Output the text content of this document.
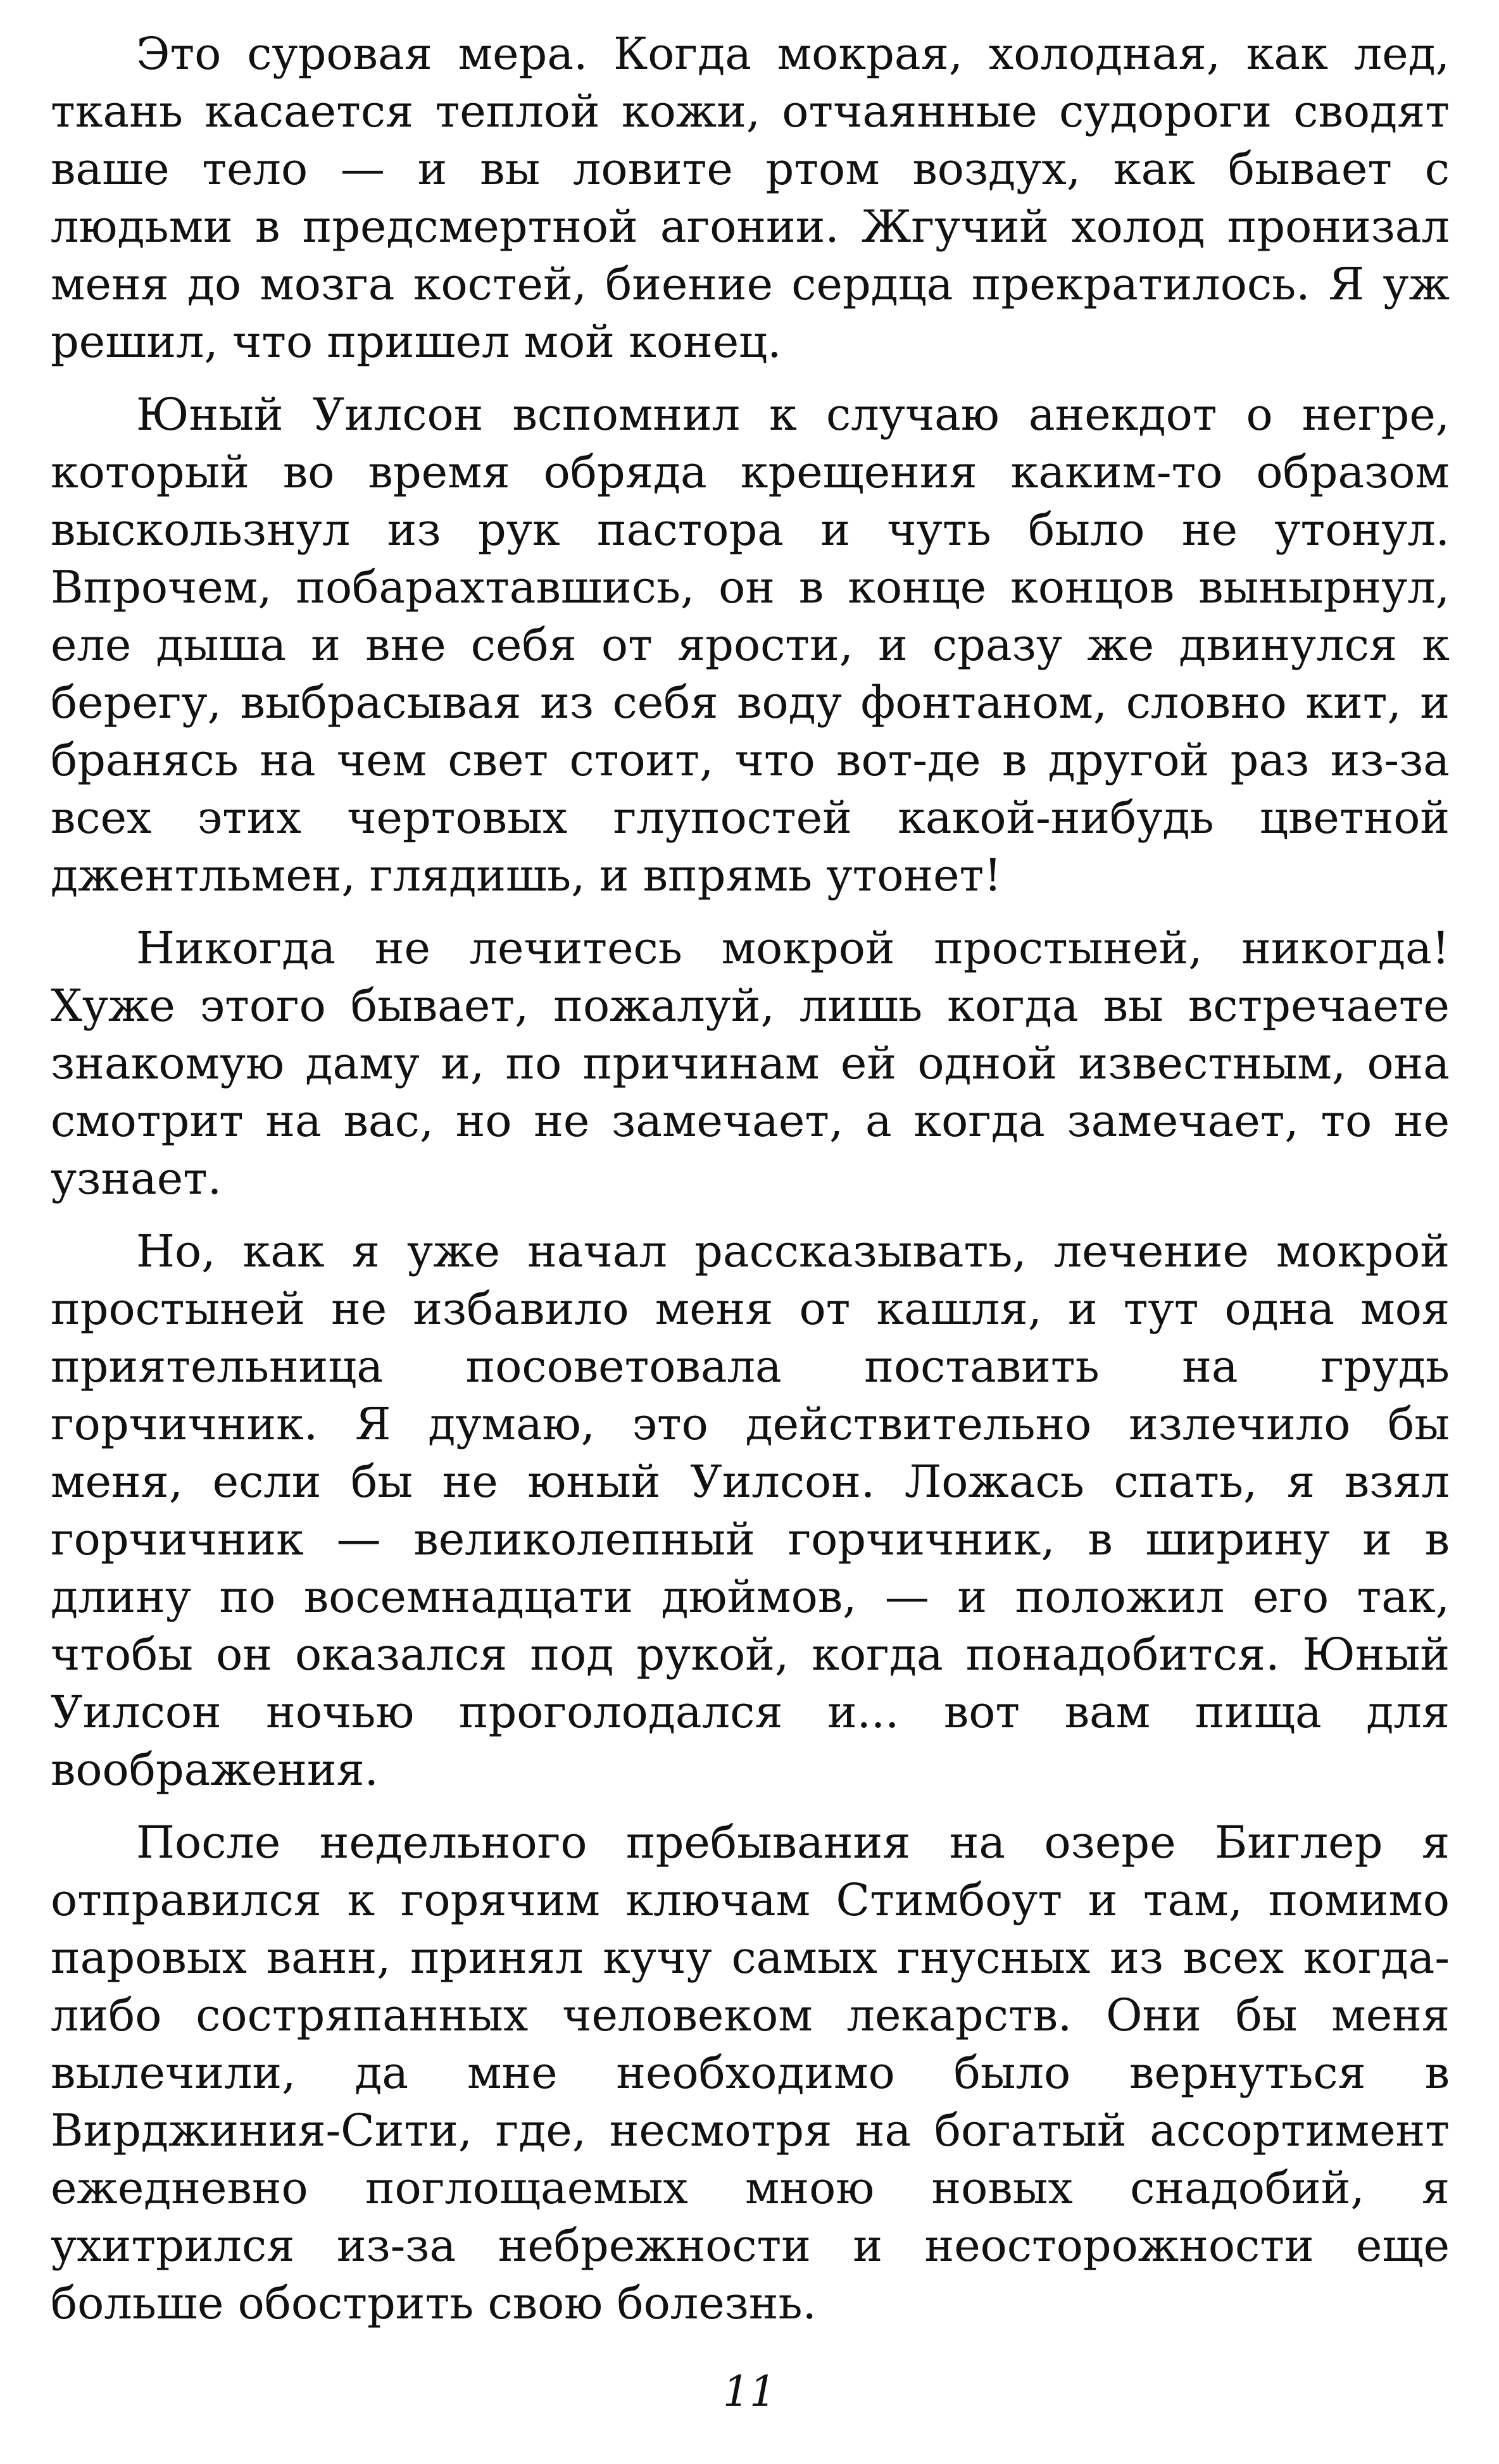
Это суровая мера. Когда мокрая, холодная, как лед, ткань касается теплой кожи, отчаянные судороги сводят ваше тело — и вы ловите ртом воздух, как бывает с людьми в предсмертной агонии. Жгучий холод пронизал меня до мозга костей, биение сердца прекратилось. Я уж решил, что пришел мой конец.

Юный Уилсон вспомнил к случаю анекдот о негре, который во время обряда крещения каким-то образом выскользнул из рук пастора и чуть было не утонул. Впрочем, побарахтавшись, он в конце концов вынырнул, еле дыша и вне себя от ярости, и сразу же двинулся к берегу, выбрасывая из себя воду фонтаном, словно кит, и бранясь на чем свет стоит, что вот-де в другой раз из-за всех этих чертовых глупостей какой-нибудь цветной джентльмен, глядишь, и впрямь утонет!

Никогда не лечитесь мокрой простыней, никогда! Хуже этого бывает, пожалуй, лишь когда вы встречаете знакомую даму и, по причинам ей одной известным, она смотрит на вас, но не замечает, а когда замечает, то не узнает.

Но, как я уже начал рассказывать, лечение мокрой простыней не избавило меня от кашля, и тут одна моя приятельница посоветовала поставить на грудь горчичник. Я думаю, это действительно излечило бы меня, если бы не юный Уилсон. Ложась спать, я взял горчичник — великолепный горчичник, в ширину и в длину по восемнадцати дюймов, — и положил его так, чтобы он оказался под рукой, когда понадобится. Юный Уилсон ночью проголодался и... вот вам пища для воображения.

После недельного пребывания на озере Биглер я отправился к горячим ключам Стимбоут и там, помимо паровых ванн, принял кучу самых гнусных из всех когда-либо состряпанных человеком лекарств. Они бы меня вылечили, да мне необходимо было вернуться в Вирджиния-Сити, где, несмотря на богатый ассортимент ежедневно поглощаемых мною новых снадобий, я ухитрился из-за небрежности и неосторожности еще больше обострить свою болезнь.

11
